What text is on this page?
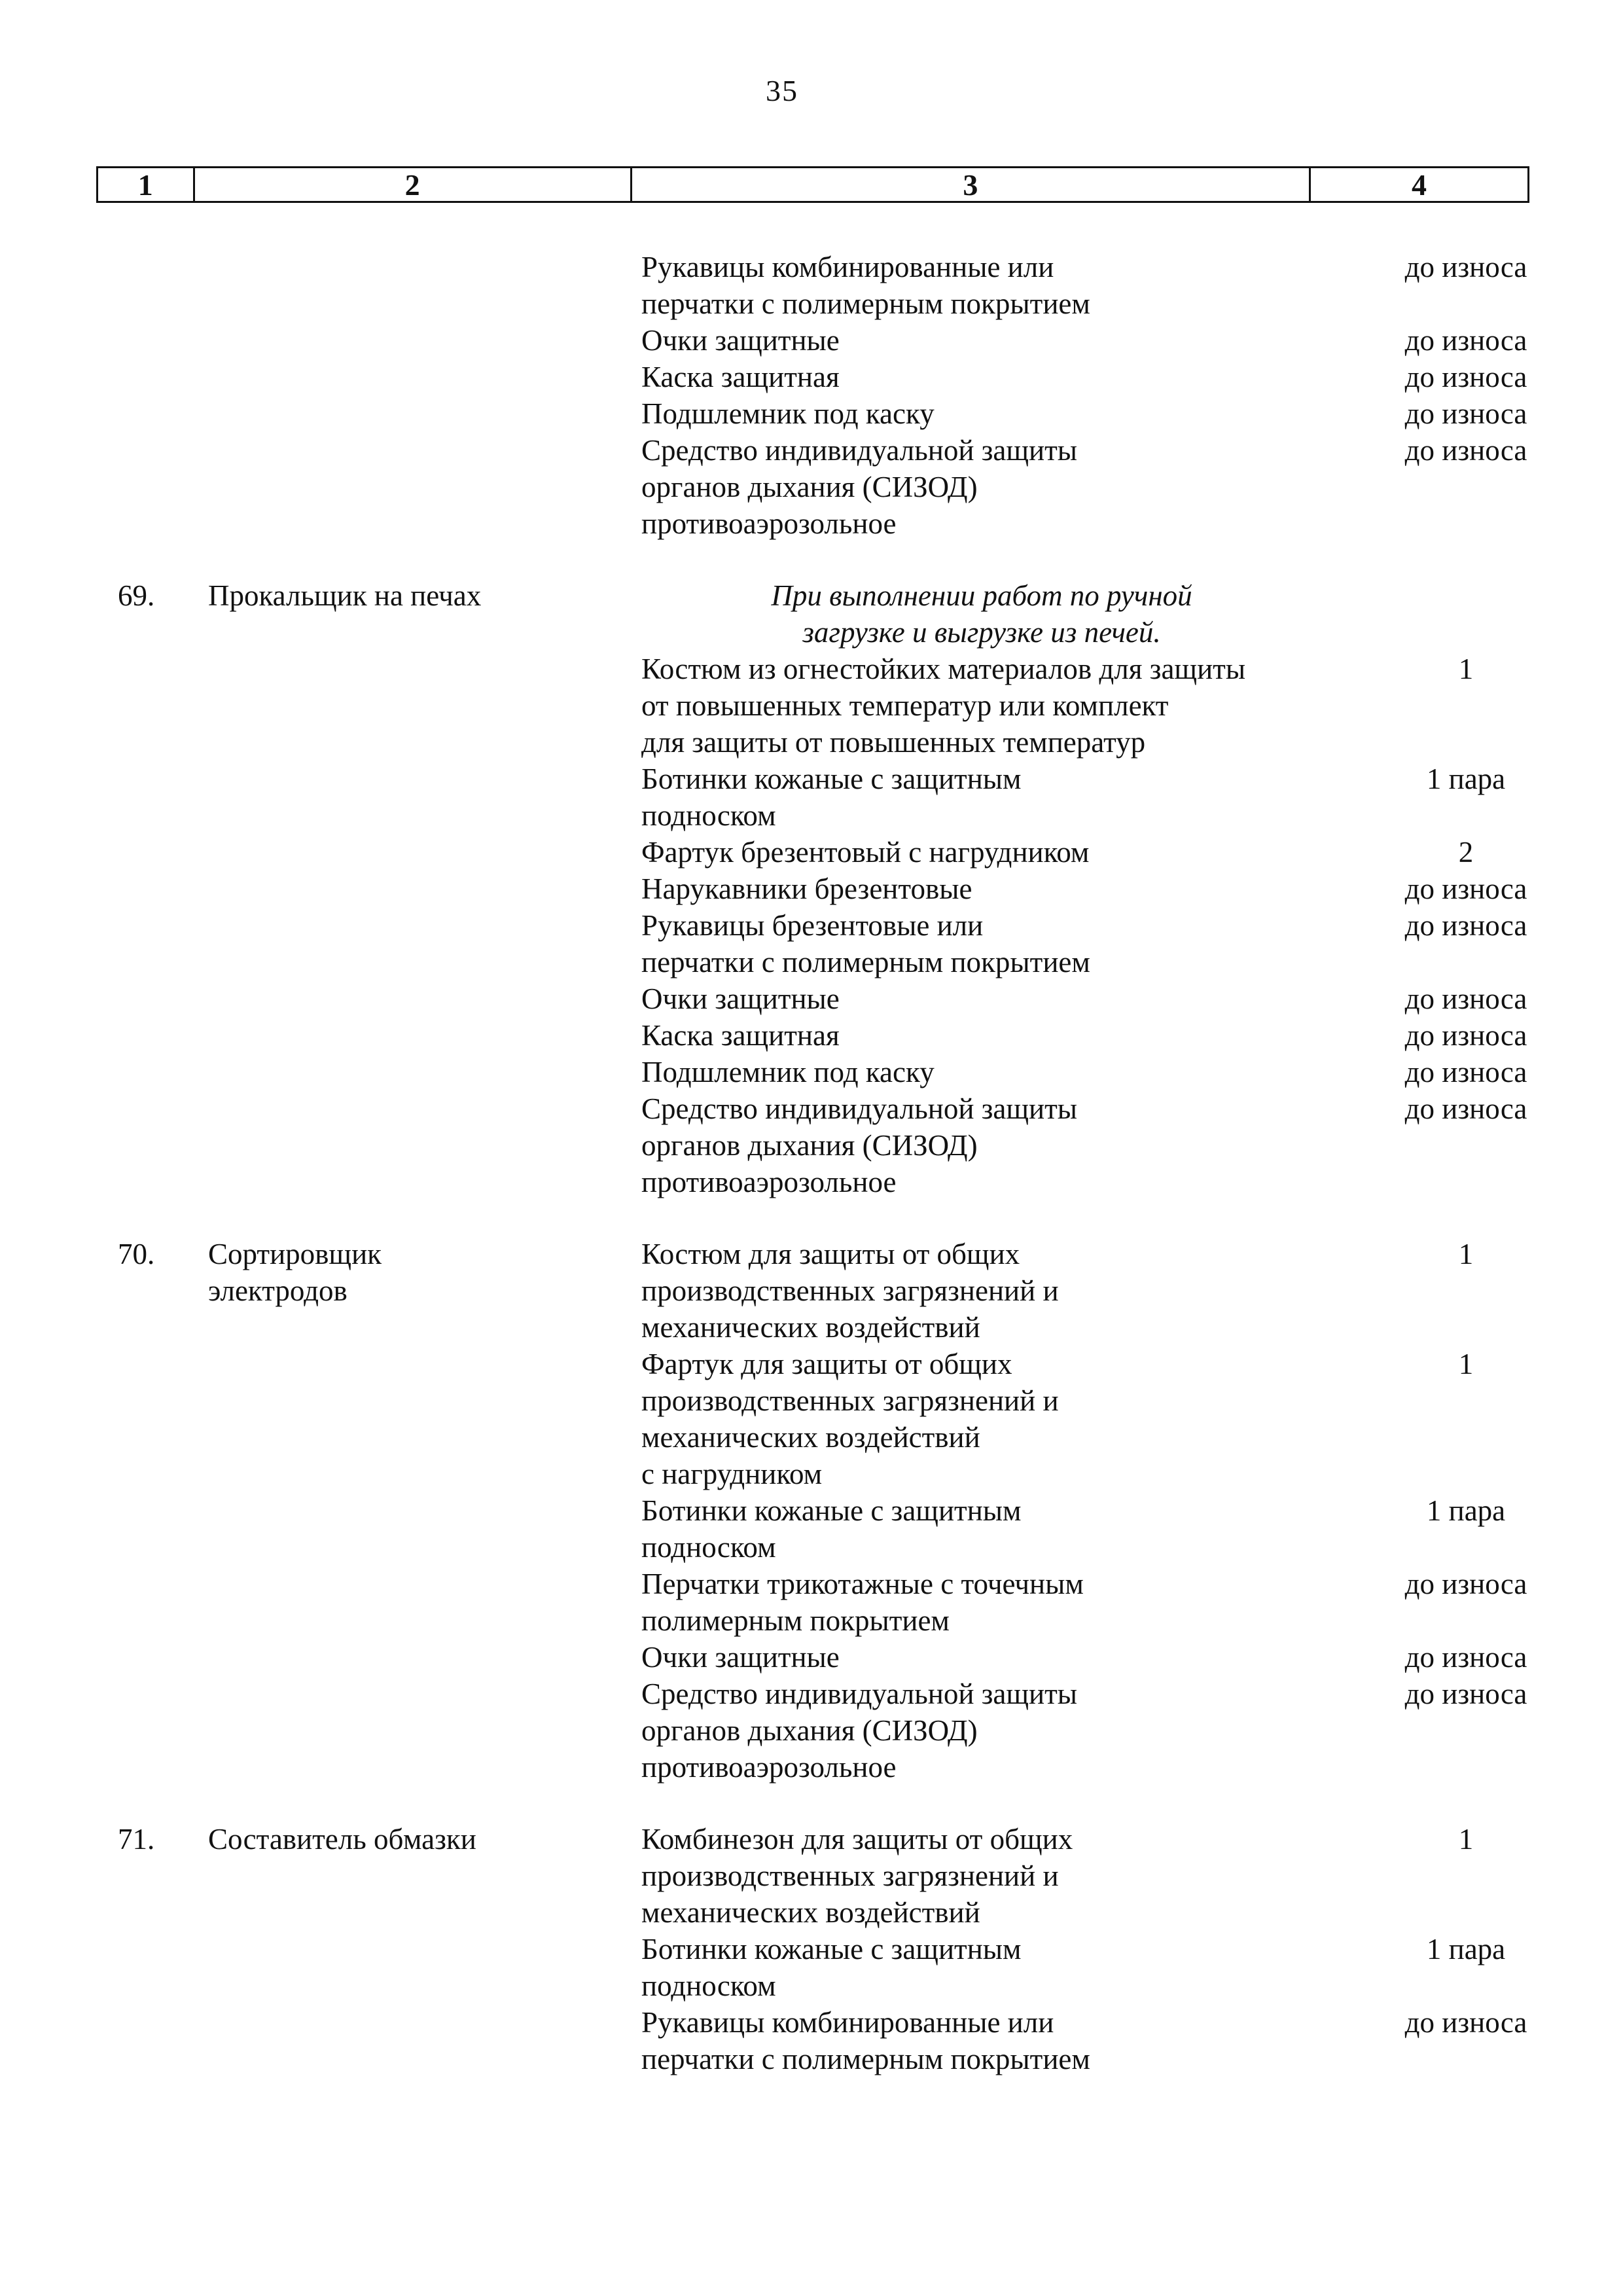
35
1	2	3	4
Рукавицы комбинированные или	до износа
перчатки с полимерным покрытием
Очки защитные	до износа
Каска защитная	до износа
Подшлемник под каску	до износа
Средство индивидуальной защиты	до износа
органов дыхания (СИЗОД)
противоаэрозольное
69.	Прокальщик на печах	При выполнении работ по ручной
загрузке и выгрузке из печей.
Костюм из огнестойких материалов для защиты	1
от повышенных температур или комплект
для защиты от повышенных температур
Ботинки кожаные с защитным	1 пара
подноском
Фартук брезентовый с нагрудником	2
Нарукавники брезентовые	до износа
Рукавицы брезентовые или	до износа
перчатки с полимерным покрытием
Очки защитные	до износа
Каска защитная	до износа
Подшлемник под каску	до износа
Средство индивидуальной защиты	до износа
органов дыхания (СИЗОД)
противоаэрозольное
70.	Сортировщик	Костюм для защиты от общих	1
электродов	производственных загрязнений и
механических воздействий
Фартук для защиты от общих	1
производственных загрязнений и
механических воздействий
с нагрудником
Ботинки кожаные с защитным	1 пара
подноском
Перчатки трикотажные с точечным	до износа
полимерным покрытием
Очки защитные	до износа
Средство индивидуальной защиты	до износа
органов дыхания (СИЗОД)
противоаэрозольное
71.	Составитель обмазки	Комбинезон для защиты от общих	1
производственных загрязнений и
механических воздействий
Ботинки кожаные с защитным	1 пара
подноском
Рукавицы комбинированные или	до износа
перчатки с полимерным покрытием
